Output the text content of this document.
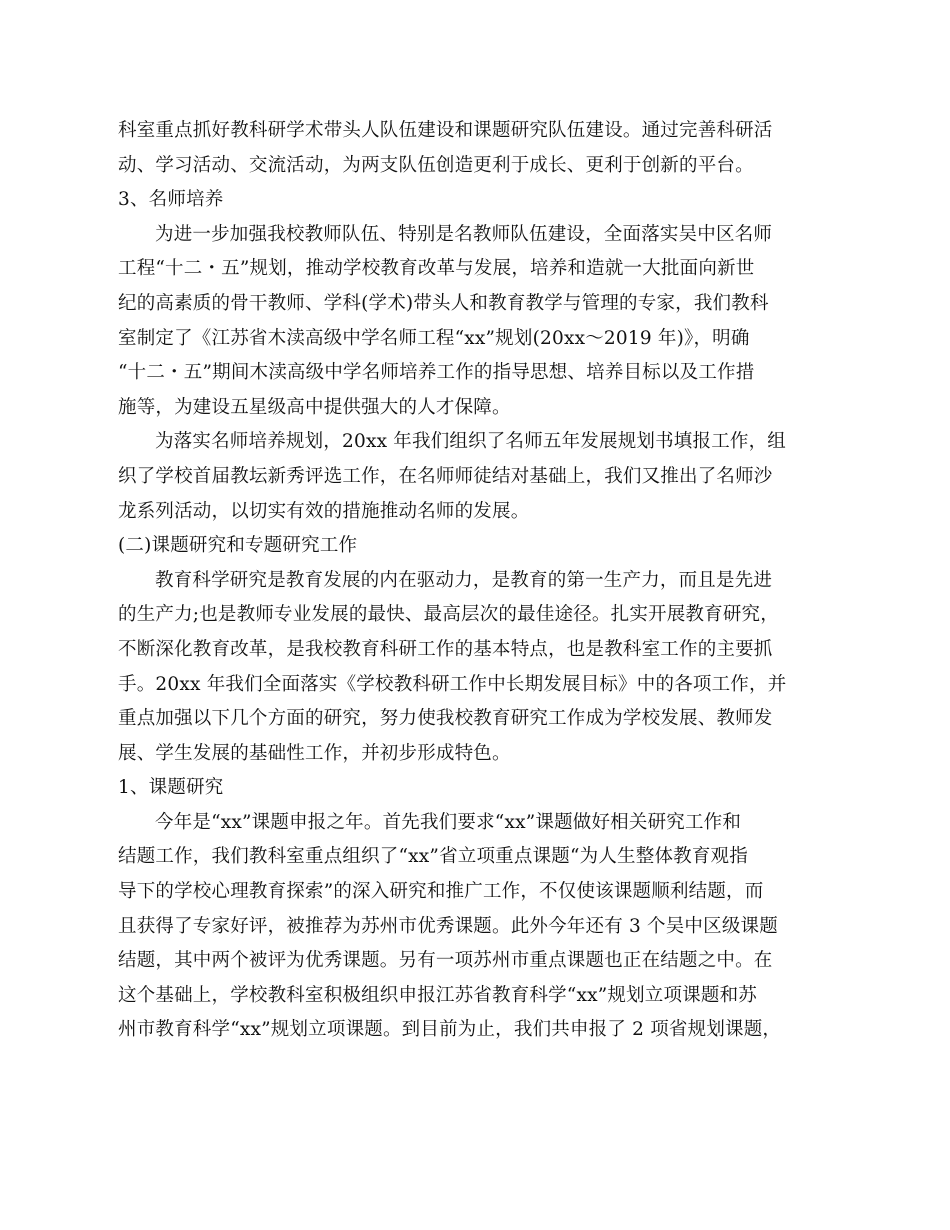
科室重点抓好教科研学术带头人队伍建设和课题研究队伍建设。通过完善科研活
动、学习活动、交流活动，为两支队伍创造更利于成长、更利于创新的平台。

3、名师培养

为进一步加强我校教师队伍、特别是名教师队伍建设，全面落实吴中区名师
工程“十二・五”规划，推动学校教育改革与发展，培养和造就一大批面向新世
纪的高素质的骨干教师、学科(学术)带头人和教育教学与管理的专家，我们教科
室制定了《江苏省木渎高级中学名师工程“xx”规划(20xx～2019 年)》，明确
“十二・五”期间木渎高级中学名师培养工作的指导思想、培养目标以及工作措
施等，为建设五星级高中提供强大的人才保障。

为落实名师培养规划，20xx 年我们组织了名师五年发展规划书填报工作，组
织了学校首届教坛新秀评选工作，在名师师徒结对基础上，我们又推出了名师沙
龙系列活动，以切实有效的措施推动名师的发展。

(二)课题研究和专题研究工作

教育科学研究是教育发展的内在驱动力，是教育的第一生产力，而且是先进
的生产力;也是教师专业发展的最快、最高层次的最佳途径。扎实开展教育研究，
不断深化教育改革，是我校教育科研工作的基本特点，也是教科室工作的主要抓
手。20xx 年我们全面落实《学校教科研工作中长期发展目标》中的各项工作，并
重点加强以下几个方面的研究，努力使我校教育研究工作成为学校发展、教师发
展、学生发展的基础性工作，并初步形成特色。

1、课题研究

今年是“xx”课题申报之年。首先我们要求“xx”课题做好相关研究工作和
结题工作，我们教科室重点组织了“xx”省立项重点课题“为人生整体教育观指
导下的学校心理教育探索”的深入研究和推广工作，不仅使该课题顺利结题，而
且获得了专家好评，被推荐为苏州市优秀课题。此外今年还有 3 个吴中区级课题
结题，其中两个被评为优秀课题。另有一项苏州市重点课题也正在结题之中。在
这个基础上，学校教科室积极组织申报江苏省教育科学“xx”规划立项课题和苏
州市教育科学“xx”规划立项课题。到目前为止，我们共申报了 2 项省规划课题，
